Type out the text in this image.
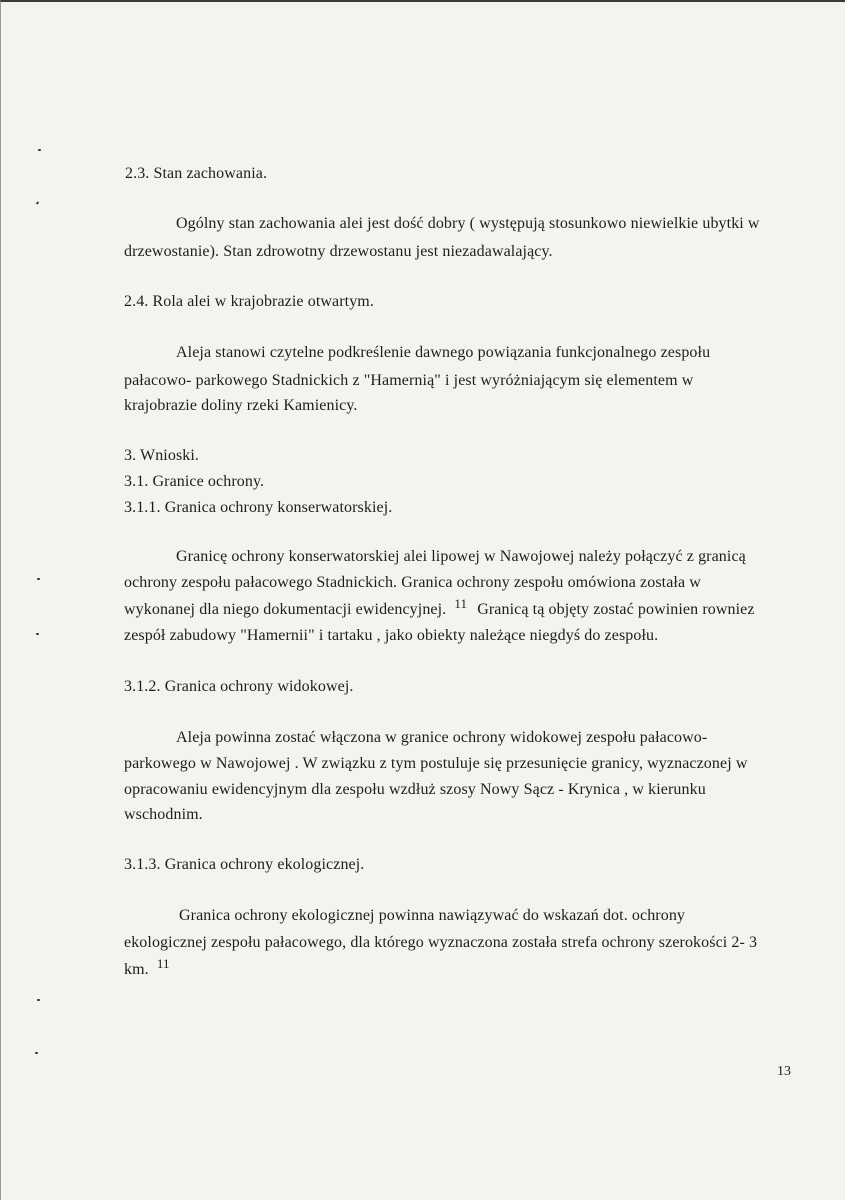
2.3. Stan zachowania.
Ogólny stan zachowania alei jest dość dobry ( występują stosunkowo niewielkie ubytki w
drzewostanie). Stan zdrowotny drzewostanu jest niezadawalający.
2.4. Rola alei w krajobrazie otwartym.
Aleja stanowi czytelne podkreślenie dawnego powiązania funkcjonalnego zespołu
pałacowo- parkowego Stadnickich z "Hamernią" i jest wyróżniającym się elementem w
krajobrazie doliny rzeki Kamienicy.
3. Wnioski.
3.1. Granice ochrony.
3.1.1. Granica ochrony konserwatorskiej.
Granicę ochrony konserwatorskiej alei lipowej w Nawojowej należy połączyć z granicą
ochrony zespołu pałacowego Stadnickich. Granica ochrony zespołu omówiona została w
wykonanej dla niego dokumentacji ewidencyjnej. $^{11}$ Granicą tą objęty zostać powinien rowniez
zespół zabudowy "Hamernii" i tartaku , jako obiekty należące niegdyś do zespołu.
3.1.2. Granica ochrony widokowej.
Aleja powinna zostać włączona w granice ochrony widokowej zespołu pałacowo-
parkowego w Nawojowej . W związku z tym postuluje się przesunięcie granicy, wyznaczonej w
opracowaniu ewidencyjnym dla zespołu wzdłuż szosy Nowy Sącz - Krynica , w kierunku
wschodnim.
3.1.3. Granica ochrony ekologicznej.
Granica ochrony ekologicznej powinna nawiązywać do wskazań dot. ochrony
ekologicznej zespołu pałacowego, dla którego wyznaczona została strefa ochrony szerokości 2- 3
km. $^{11}$
13
